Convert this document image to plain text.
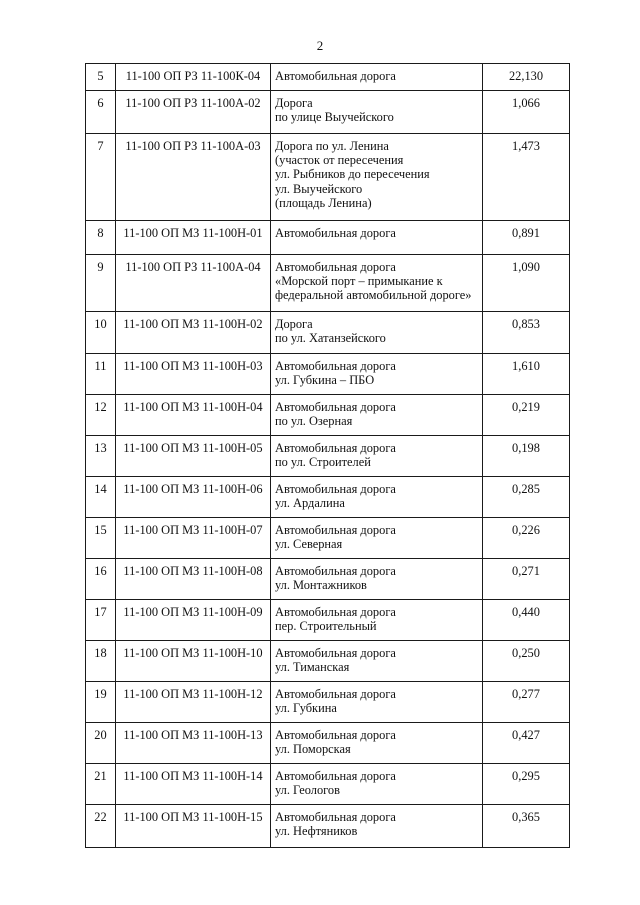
2
5	11-100 ОП РЗ 11-100К-04	Автомобильная дорога	22,130
6	11-100 ОП РЗ 11-100А-02	Дорога
по улице Выучейского	1,066
7	11-100 ОП РЗ 11-100А-03	Дорога по ул. Ленина
(участок от пересечения
ул. Рыбников до пересечения
ул. Выучейского
(площадь Ленина)	1,473
8	11-100 ОП МЗ 11-100Н-01	Автомобильная дорога	0,891
9	11-100 ОП РЗ 11-100А-04	Автомобильная дорога
«Морской порт – примыкание к
федеральной автомобильной дороге»	1,090
10	11-100 ОП МЗ 11-100Н-02	Дорога
по ул. Хатанзейского	0,853
11	11-100 ОП МЗ 11-100Н-03	Автомобильная дорога
ул. Губкина – ПБО	1,610
12	11-100 ОП МЗ 11-100Н-04	Автомобильная дорога
по ул. Озерная	0,219
13	11-100 ОП МЗ 11-100Н-05	Автомобильная дорога
по ул. Строителей	0,198
14	11-100 ОП МЗ 11-100Н-06	Автомобильная дорога
ул. Ардалина	0,285
15	11-100 ОП МЗ 11-100Н-07	Автомобильная дорога
ул. Северная	0,226
16	11-100 ОП МЗ 11-100Н-08	Автомобильная дорога
ул. Монтажников	0,271
17	11-100 ОП МЗ 11-100Н-09	Автомобильная дорога
пер. Строительный	0,440
18	11-100 ОП МЗ 11-100Н-10	Автомобильная дорога
ул. Тиманская	0,250
19	11-100 ОП МЗ 11-100Н-12	Автомобильная дорога
ул. Губкина	0,277
20	11-100 ОП МЗ 11-100Н-13	Автомобильная дорога
ул. Поморская	0,427
21	11-100 ОП МЗ 11-100Н-14	Автомобильная дорога
ул. Геологов	0,295
22	11-100 ОП МЗ 11-100Н-15	Автомобильная дорога
ул. Нефтяников	0,365
